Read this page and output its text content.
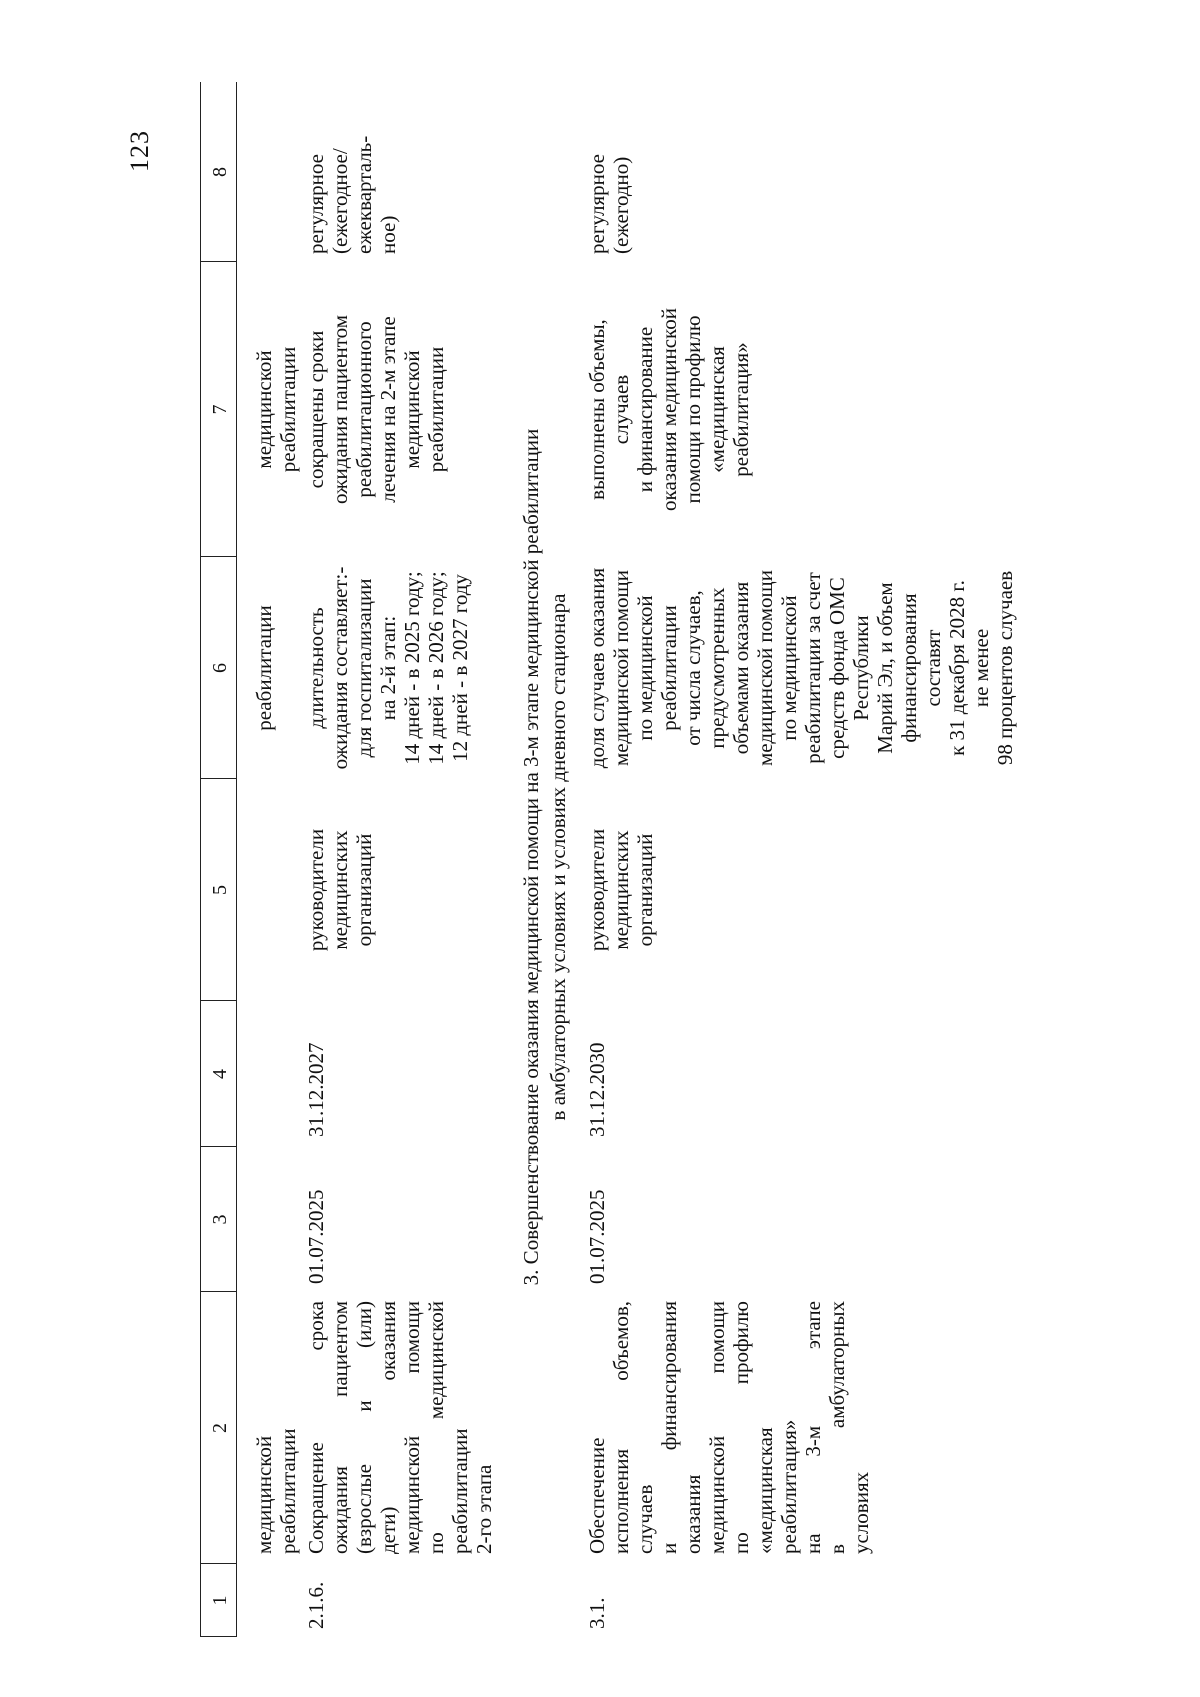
123
1
2
3
4
5
6
7
8
медицинской реабилитации
реабилитации
медицинской реабилитации
2.1.6.
Сокращение срока ожидания пациентом (взрослые и (или) дети) оказания медицинской помощи по медицинской реабилитации 2-го этапа
01.07.2025
31.12.2027
руководители медицинских организаций
длительность ожидания составляет:- для госпитализации на 2-й этап: 14 дней - в 2025 году; 14 дней - в 2026 году; 12 дней - в 2027 году
сокращены сроки ожидания пациентом реабилитационного лечения на 2-м этапе медицинской реабилитации
регулярное (ежегодное/ ежекварталь- ное)
3. Совершенствование оказания медицинской помощи на 3-м этапе медицинской реабилитации в амбулаторных условиях и условиях дневного стационара
3.1.
Обеспечение исполнения объемов, случаев и финансирования оказания медицинской помощи по профилю «медицинская реабилитация» на 3-м этапе в амбулаторных условиях
01.07.2025
31.12.2030
руководители медицинских организаций
доля случаев оказания медицинской помощи по медицинской реабилитации от числа случаев, предусмотренных объемами оказания медицинской помощи по медицинской реабилитации за счет средств фонда ОМС Республики Марий Эл, и объем финансирования составят к 31 декабря 2028 г. не менее 98 процентов случаев
выполнены объемы, случаев и финансирование оказания медицинской помощи по профилю «медицинская реабилитация»
регулярное (ежегодно)
